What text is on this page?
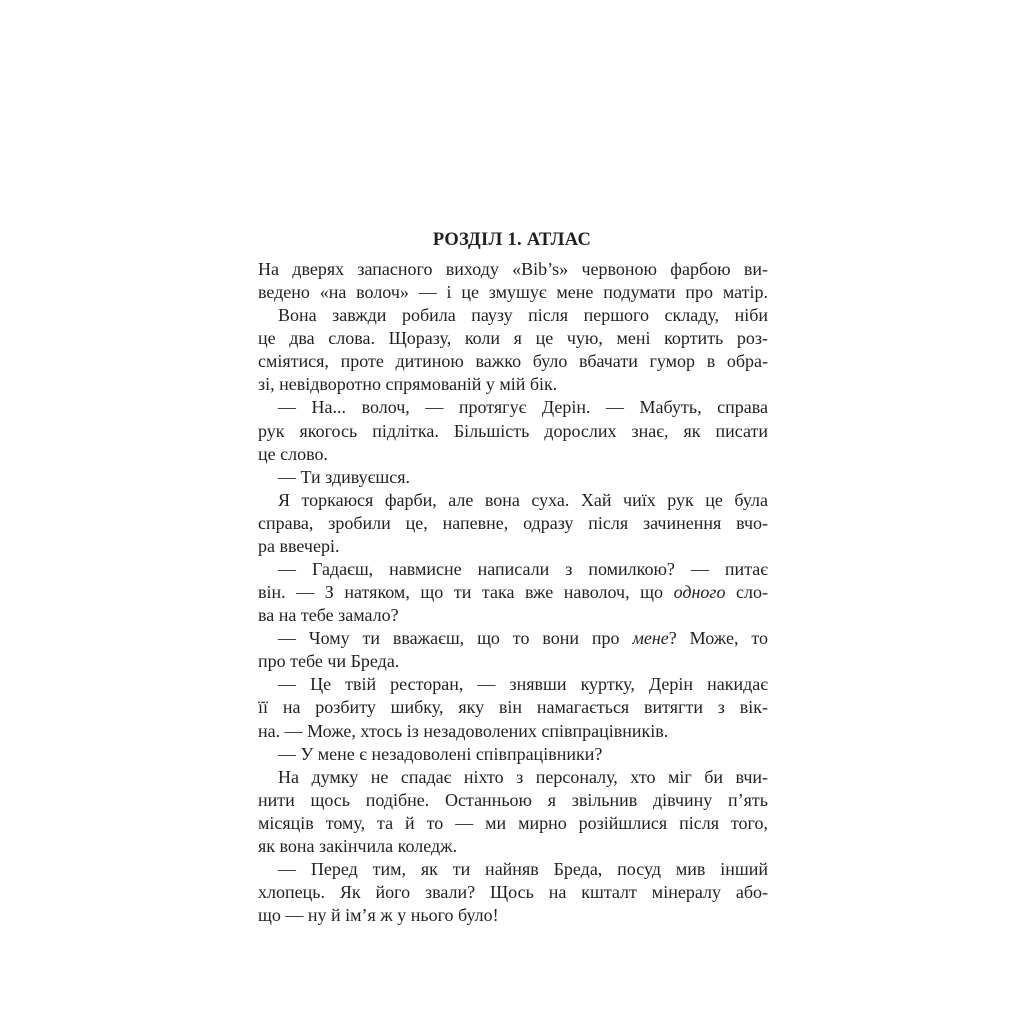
РОЗДІЛ 1. АТЛАС
На дверях запасного виходу «Bib’s» червоною фарбою ви-
ведено «на волоч» — і це змушує мене подумати про матір.
Вона завжди робила паузу після першого складу, ніби
це два слова. Щоразу, коли я це чую, мені кортить роз-
сміятися, проте дитиною важко було вбачати гумор в обра-
зі, невідворотно спрямованій у мій бік.
— На... волоч, — протягує Дерін. — Мабуть, справа
рук якогось підлітка. Більшість дорослих знає, як писати
це слово.
— Ти здивуєшся.
Я торкаюся фарби, але вона суха. Хай чиїх рук це була
справа, зробили це, напевне, одразу після зачинення вчо-
ра ввечері.
— Гадаєш, навмисне написали з помилкою? — питає
він. — З натяком, що ти така вже наволоч, що одного сло-
ва на тебе замало?
— Чому ти вважаєш, що то вони про мене? Може, то
про тебе чи Бреда.
— Це твій ресторан, — знявши куртку, Дерін накидає
її на розбиту шибку, яку він намагається витягти з вік-
на. — Може, хтось із незадоволених співпрацівників.
— У мене є незадоволені співпрацівники?
На думку не спадає ніхто з персоналу, хто міг би вчи-
нити щось подібне. Останньою я звільнив дівчину п’ять
місяців тому, та й то — ми мирно розійшлися після того,
як вона закінчила коледж.
— Перед тим, як ти найняв Бреда, посуд мив інший
хлопець. Як його звали? Щось на кшталт мінералу або-
що — ну й ім’я ж у нього було!
